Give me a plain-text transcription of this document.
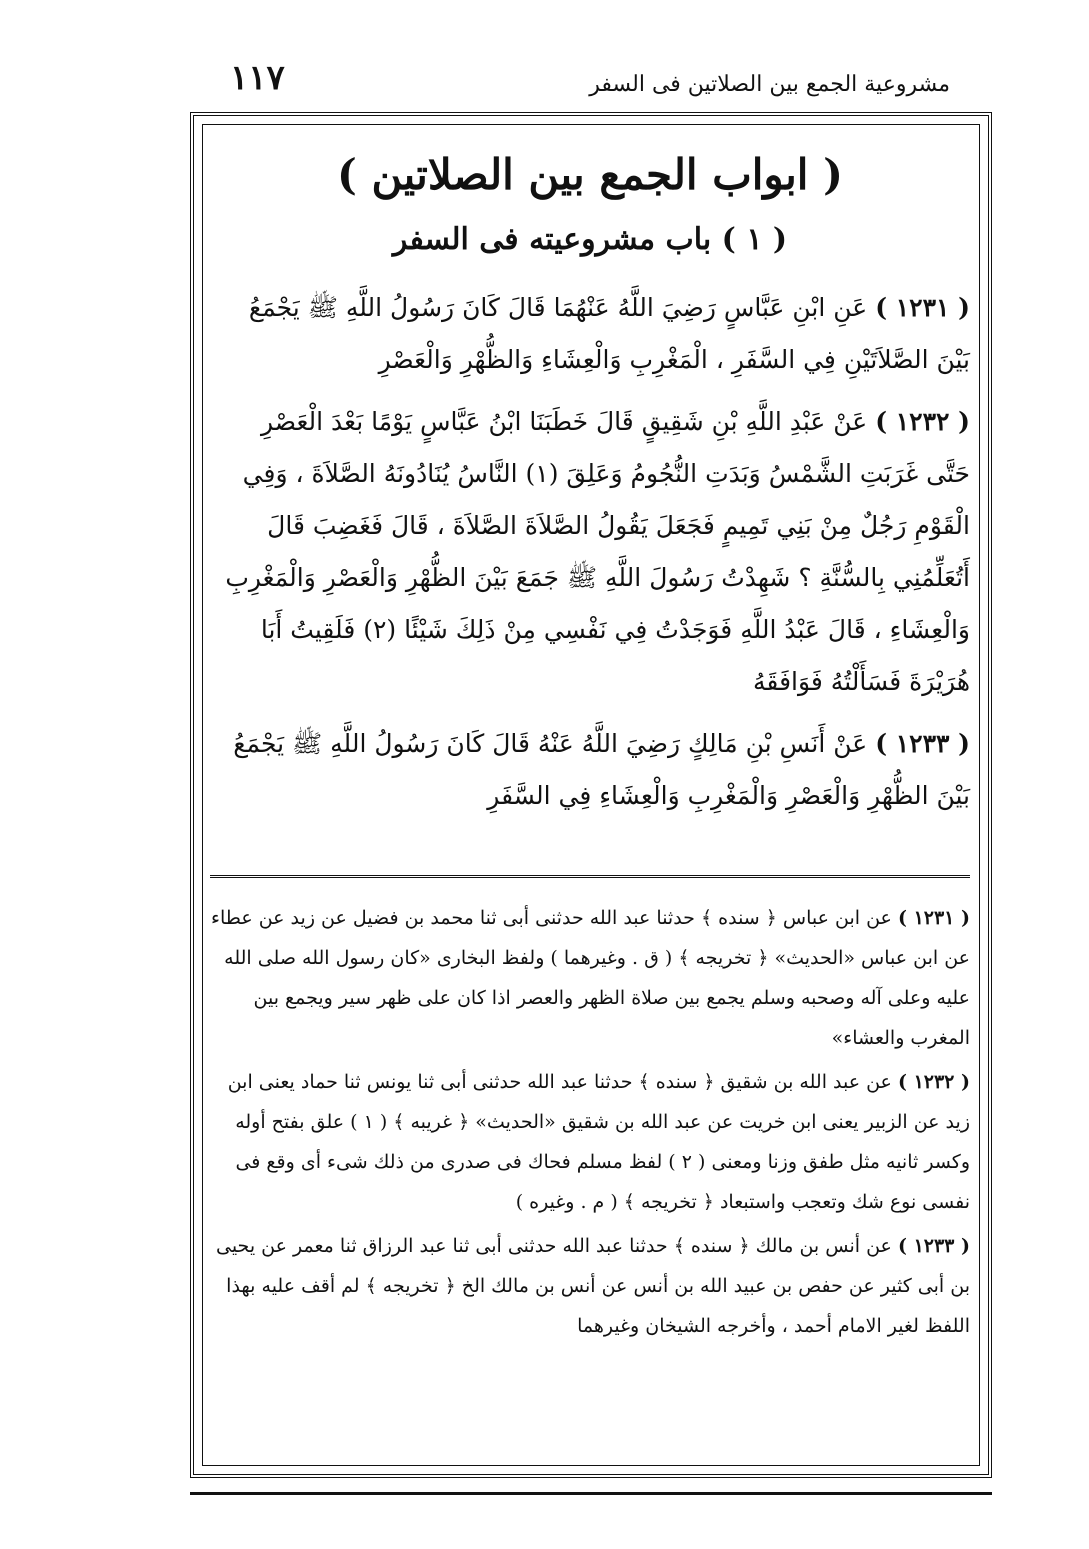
١١٧	مشروعية الجمع بين الصلاتين فى السفر
( ابواب الجمع بين الصلاتين )
( ١ ) باب مشروعيته فى السفر

( ١٢٣١ ) عَنِ ابْنِ عَبَّاسٍ رَضِيَ اللَّهُ عَنْهُمَا قَالَ كَانَ رَسُولُ اللَّهِ ﷺ يَجْمَعُ بَيْنَ الصَّلاَتَيْنِ فِي السَّفَرِ ، الْمَغْرِبِ وَالْعِشَاءِ وَالظُّهْرِ وَالْعَصْرِ

( ١٢٣٢ ) عَنْ عَبْدِ اللَّهِ بْنِ شَقِيقٍ قَالَ خَطَبَنَا ابْنُ عَبَّاسٍ يَوْمًا بَعْدَ الْعَصْرِ حَتَّى غَرَبَتِ الشَّمْسُ وَبَدَتِ النُّجُومُ وَعَلِقَ (١) النَّاسُ يُنَادُونَهُ الصَّلاَةَ ، وَفِي الْقَوْمِ رَجُلٌ مِنْ بَنِي تَمِيمٍ فَجَعَلَ يَقُولُ الصَّلاَةَ الصَّلاَةَ ، قَالَ فَغَضِبَ قَالَ أَتُعَلِّمُنِي بِالسُّنَّةِ ؟ شَهِدْتُ رَسُولَ اللَّهِ ﷺ جَمَعَ بَيْنَ الظُّهْرِ وَالْعَصْرِ وَالْمَغْرِبِ وَالْعِشَاءِ ، قَالَ عَبْدُ اللَّهِ فَوَجَدْتُ فِي نَفْسِي مِنْ ذَلِكَ شَيْئًا (٢) فَلَقِيتُ أَبَا هُرَيْرَةَ فَسَأَلْتُهُ فَوَافَقَهُ

( ١٢٣٣ ) عَنْ أَنَسِ بْنِ مَالِكٍ رَضِيَ اللَّهُ عَنْهُ قَالَ كَانَ رَسُولُ اللَّهِ ﷺ يَجْمَعُ بَيْنَ الظُّهْرِ وَالْعَصْرِ وَالْمَغْرِبِ وَالْعِشَاءِ فِي السَّفَرِ

( ١٢٣١ ) عن ابن عباس ﴿ سنده ﴾ حدثنا عبد الله حدثنى أبى ثنا محمد بن فضيل عن زيد عن عطاء عن ابن عباس «الحديث» ﴿ تخريجه ﴾ ( ق . وغيرهما ) ولفظ البخارى «كان رسول الله صلى الله عليه وعلى آله وصحبه وسلم يجمع بين صلاة الظهر والعصر اذا كان على ظهر سير ويجمع بين المغرب والعشاء»

( ١٢٣٢ ) عن عبد الله بن شقيق ﴿ سنده ﴾ حدثنا عبد الله حدثنى أبى ثنا يونس ثنا حماد يعنى ابن زيد عن الزبير يعنى ابن خريت عن عبد الله بن شقيق «الحديث» ﴿ غريبه ﴾ ( ١ ) علق بفتح أوله وكسر ثانيه مثل طفق وزنا ومعنى ( ٢ ) لفظ مسلم فحاك فى صدرى من ذلك شىء أى وقع فى نفسى نوع شك وتعجب واستبعاد ﴿ تخريجه ﴾ ( م . وغيره )

( ١٢٣٣ ) عن أنس بن مالك ﴿ سنده ﴾ حدثنا عبد الله حدثنى أبى ثنا عبد الرزاق ثنا معمر عن يحيى بن أبى كثير عن حفص بن عبيد الله بن أنس عن أنس بن مالك الخ ﴿ تخريجه ﴾ لم أقف عليه بهذا اللفظ لغير الامام أحمد ، وأخرجه الشيخان وغيرهما
